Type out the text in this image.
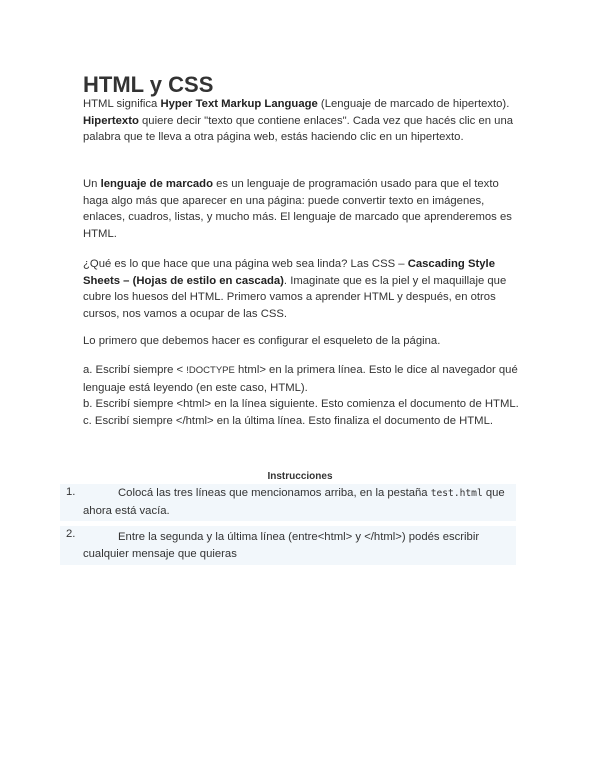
HTML y CSS

HTML significa Hyper Text Markup Language (Lenguaje de marcado de hipertexto). Hipertexto quiere decir "texto que contiene enlaces". Cada vez que hacés clic en una palabra que te lleva a otra página web, estás haciendo clic en un hipertexto.

Un lenguaje de marcado es un lenguaje de programación usado para que el texto haga algo más que aparecer en una página: puede convertir texto en imágenes, enlaces, cuadros, listas, y mucho más. El lenguaje de marcado que aprenderemos es HTML.

¿Qué es lo que hace que una página web sea linda? Las CSS – Cascading Style Sheets – (Hojas de estilo en cascada). Imaginate que es la piel y el maquillaje que cubre los huesos del HTML. Primero vamos a aprender HTML y después, en otros cursos, nos vamos a ocupar de las CSS.

Lo primero que debemos hacer es configurar el esqueleto de la página.

a. Escribí siempre < !DOCTYPE html> en la primera línea. Esto le dice al navegador qué lenguaje está leyendo (en este caso, HTML).
b. Escribí siempre <html> en la línea siguiente. Esto comienza el documento de HTML.
c. Escribí siempre </html> en la última línea. Esto finaliza el documento de HTML.
Instrucciones
1.	Colocá las tres líneas que mencionamos arriba, en la pestaña test.html que ahora está vacía.
2.	Entre la segunda y la última línea (entre<html> y </html>) podés escribir cualquier mensaje que quieras
